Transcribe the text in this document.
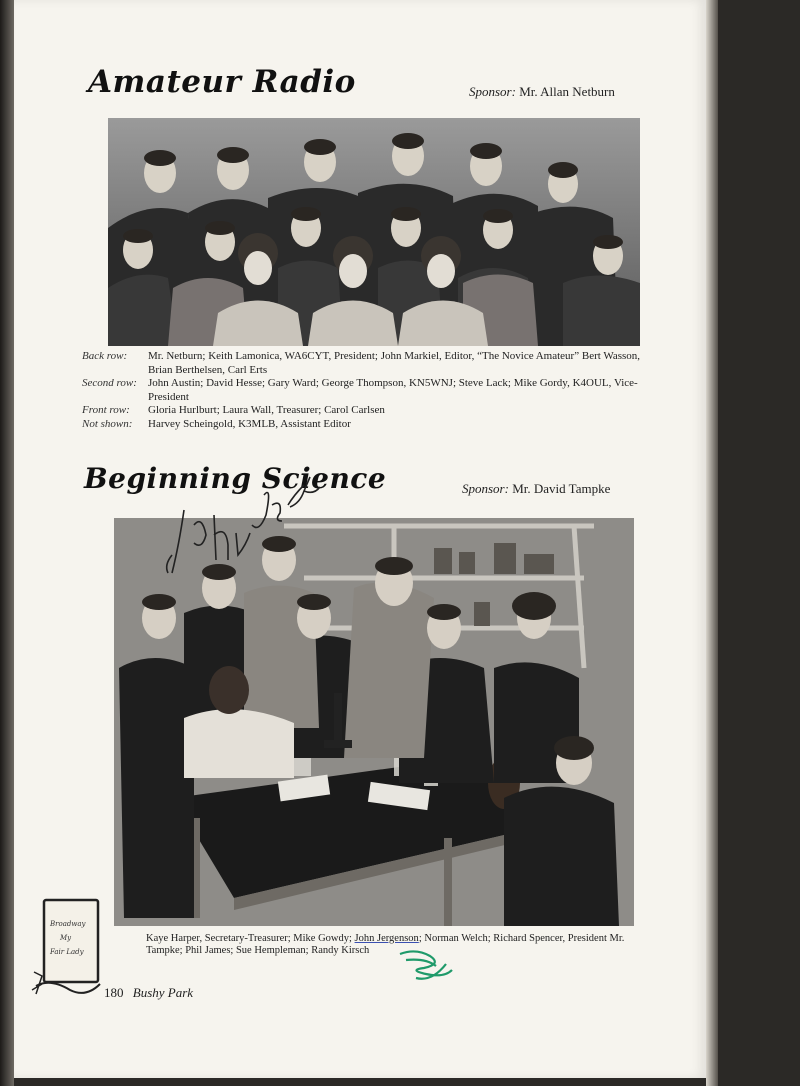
Amateur Radio	Sponsor: Mr. Allan Netburn
Back row:	Mr. Netburn; Keith Lamonica, WA6CYT, President; John Markiel, Editor, “The Novice Amateur” Bert Wasson, Brian Berthelsen, Carl Erts
Second row:	John Austin; David Hesse; Gary Ward; George Thompson, KN5WNJ; Steve Lack; Mike Gordy, K4OUL, Vice-President
Front row:	Gloria Hurlburt; Laura Wall, Treasurer; Carol Carlsen
Not shown:	Harvey Scheingold, K3MLB, Assistant Editor
Beginning Science	Sponsor: Mr. David Tampke
Kaye Harper, Secretary-Treasurer; Mike Gowdy; John Jergenson; Norman Welch; Richard Spencer, President Mr. Tampke; Phil James; Sue Hempleman; Randy Kirsch
Broadway
My
Fair Lady
180 Bushy Park
